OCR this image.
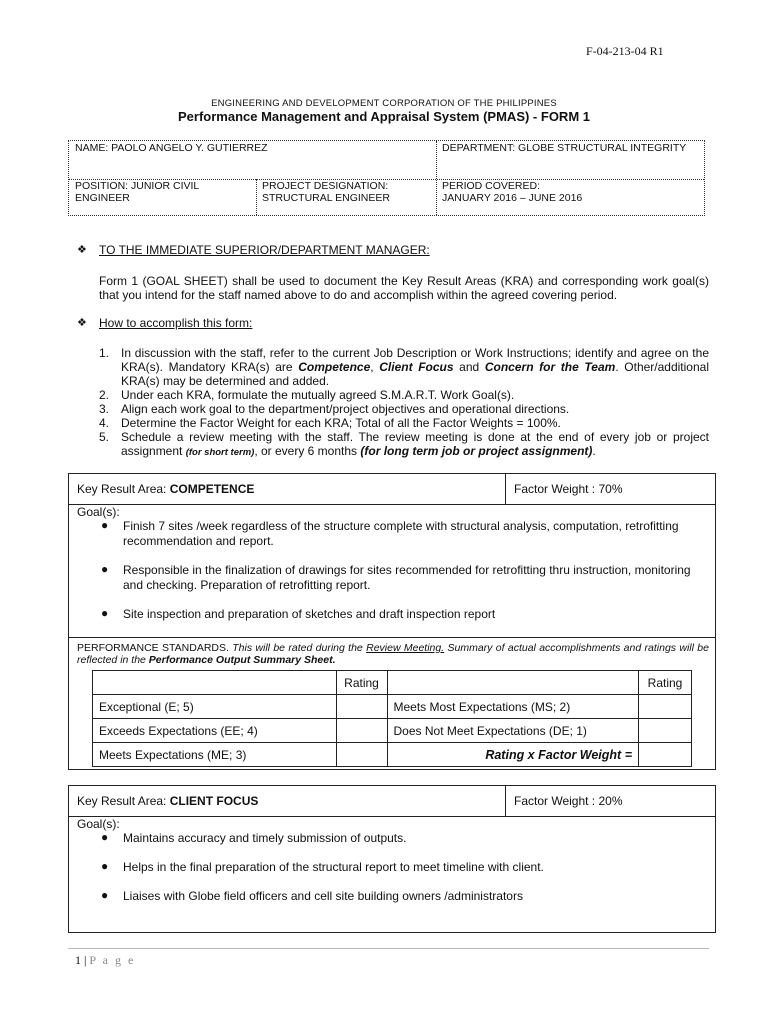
F-04-213-04 R1
ENGINEERING AND DEVELOPMENT CORPORATION OF THE PHILIPPINES
Performance Management and Appraisal System (PMAS) - FORM 1
NAME: PAOLO ANGELO Y. GUTIERREZ	DEPARTMENT: GLOBE STRUCTURAL INTEGRITY
POSITION: JUNIOR CIVIL ENGINEER
PROJECT DESIGNATION: STRUCTURAL ENGINEER
PERIOD COVERED:
JANUARY 2016 – JUNE 2016
❖ TO THE IMMEDIATE SUPERIOR/DEPARTMENT MANAGER:
Form 1 (GOAL SHEET) shall be used to document the Key Result Areas (KRA) and corresponding work goal(s) that you intend for the staff named above to do and accomplish within the agreed covering period.
❖ How to accomplish this form:
1. In discussion with the staff, refer to the current Job Description or Work Instructions; identify and agree on the KRA(s). Mandatory KRA(s) are Competence, Client Focus and Concern for the Team. Other/additional KRA(s) may be determined and added.
2. Under each KRA, formulate the mutually agreed S.M.A.R.T. Work Goal(s).
3. Align each work goal to the department/project objectives and operational directions.
4. Determine the Factor Weight for each KRA; Total of all the Factor Weights = 100%.
5. Schedule a review meeting with the staff. The review meeting is done at the end of every job or project assignment (for short term), or every 6 months (for long term job or project assignment).
Key Result Area: COMPETENCE	Factor Weight : 70%
Goal(s):
● Finish 7 sites /week regardless of the structure complete with structural analysis, computation, retrofitting recommendation and report.
● Responsible in the finalization of drawings for sites recommended for retrofitting thru instruction, monitoring and checking. Preparation of retrofitting report.
● Site inspection and preparation of sketches and draft inspection report
PERFORMANCE STANDARDS. This will be rated during the Review Meeting. Summary of actual accomplishments and ratings will be reflected in the Performance Output Summary Sheet.
	Rating		Rating
Exceptional (E; 5)		Meets Most Expectations (MS; 2)	
Exceeds Expectations (EE; 4)		Does Not Meet Expectations (DE; 1)	
Meets Expectations (ME; 3)		Rating x Factor Weight =	
Key Result Area: CLIENT FOCUS	Factor Weight : 20%
Goal(s):
● Maintains accuracy and timely submission of outputs.
● Helps in the final preparation of the structural report to meet timeline with client.
● Liaises with Globe field officers and cell site building owners /administrators
1 | P a g e
